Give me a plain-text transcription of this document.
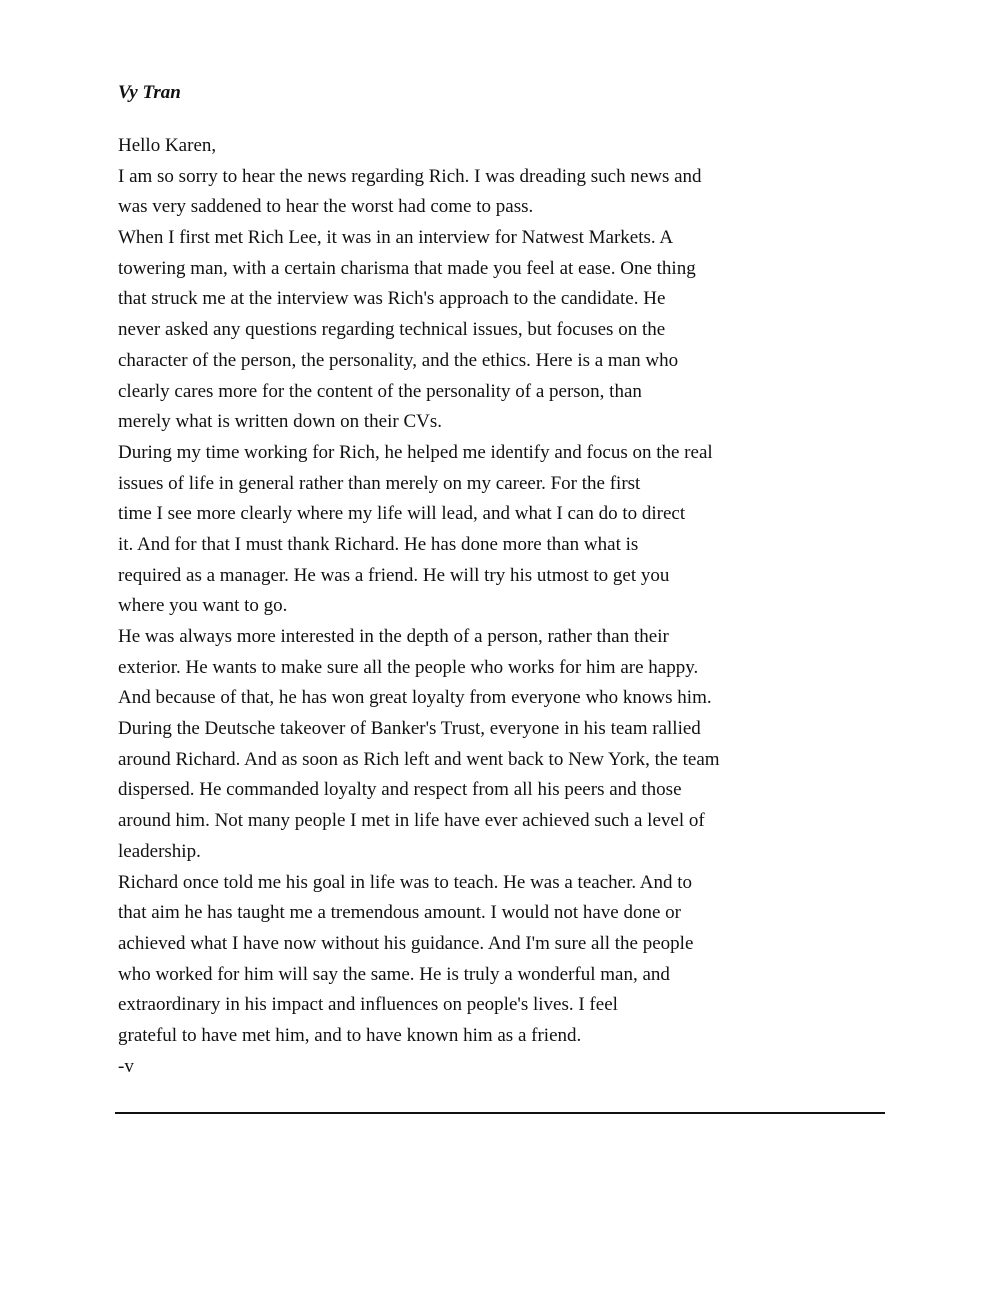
Vy Tran
Hello Karen,
I am so sorry to hear the news regarding Rich. I was dreading such news and
was very saddened to hear the worst had come to pass.
When I first met Rich Lee, it was in an interview for Natwest Markets. A
towering man, with a certain charisma that made you feel at ease. One thing
that struck me at the interview was Rich's approach to the candidate. He
never asked any questions regarding technical issues, but focuses on the
character of the person, the personality, and the ethics. Here is a man who
clearly cares more for the content of the personality of a person, than
merely what is written down on their CVs.
During my time working for Rich, he helped me identify and focus on the real
issues of life in general rather than merely on my career. For the first
time I see more clearly where my life will lead, and what I can do to direct
it. And for that I must thank Richard. He has done more than what is
required as a manager. He was a friend. He will try his utmost to get you
where you want to go.
He was always more interested in the depth of a person, rather than their
exterior. He wants to make sure all the people who works for him are happy.
And because of that, he has won great loyalty from everyone who knows him.
During the Deutsche takeover of Banker's Trust, everyone in his team rallied
around Richard. And as soon as Rich left and went back to New York, the team
dispersed. He commanded loyalty and respect from all his peers and those
around him. Not many people I met in life have ever achieved such a level of
leadership.
Richard once told me his goal in life was to teach. He was a teacher. And to
that aim he has taught me a tremendous amount. I would not have done or
achieved what I have now without his guidance. And I'm sure all the people
who worked for him will say the same. He is truly a wonderful man, and
extraordinary in his impact and influences on people's lives. I feel
grateful to have met him, and to have known him as a friend.
-v
